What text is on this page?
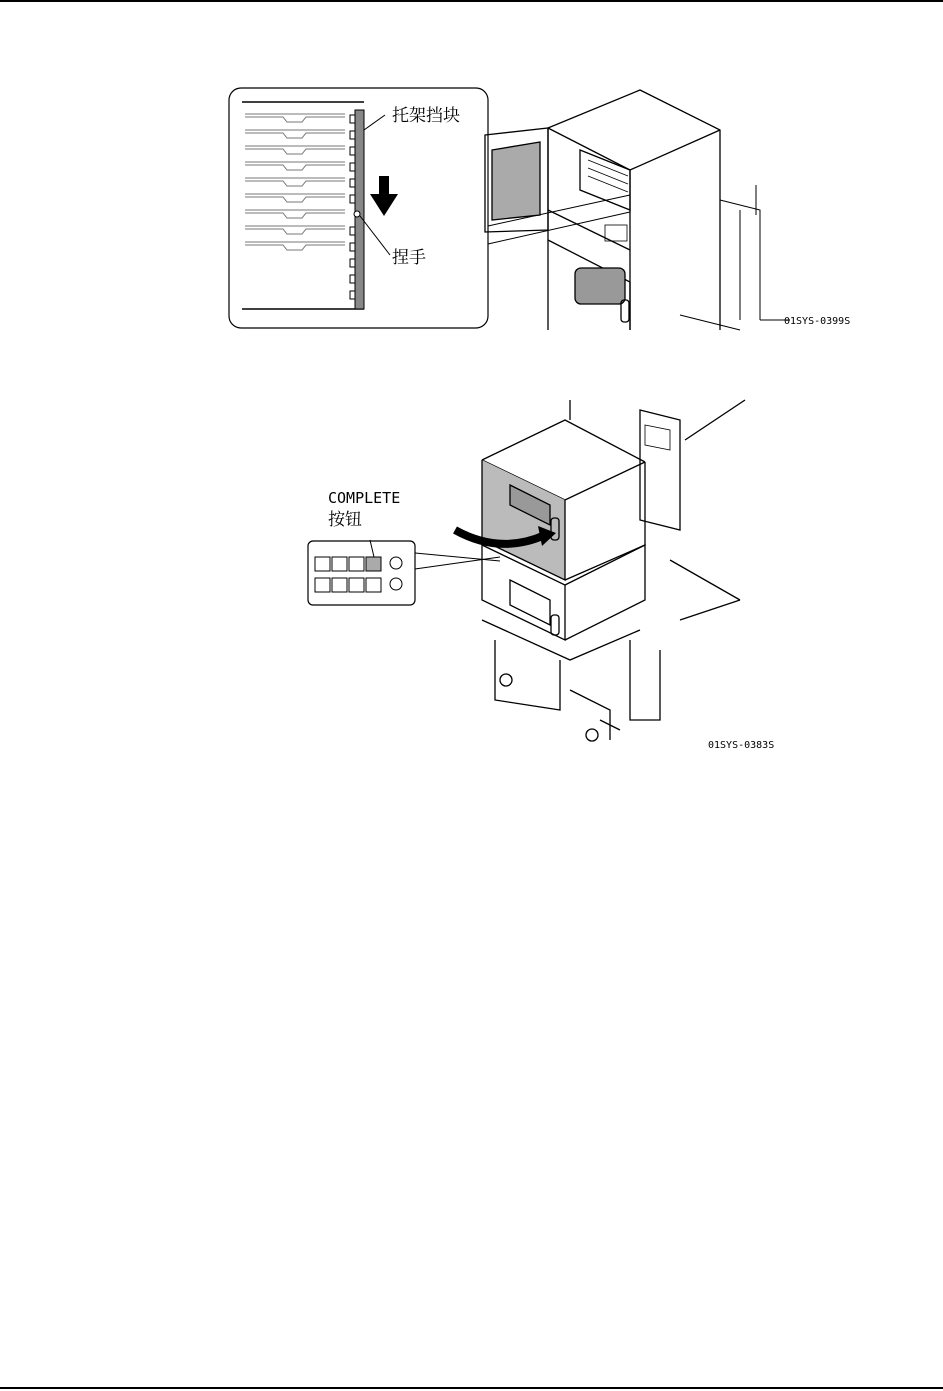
托架挡块
捏手
01SYS-0399S
COMPLETE
按钮
01SYS-0383S
